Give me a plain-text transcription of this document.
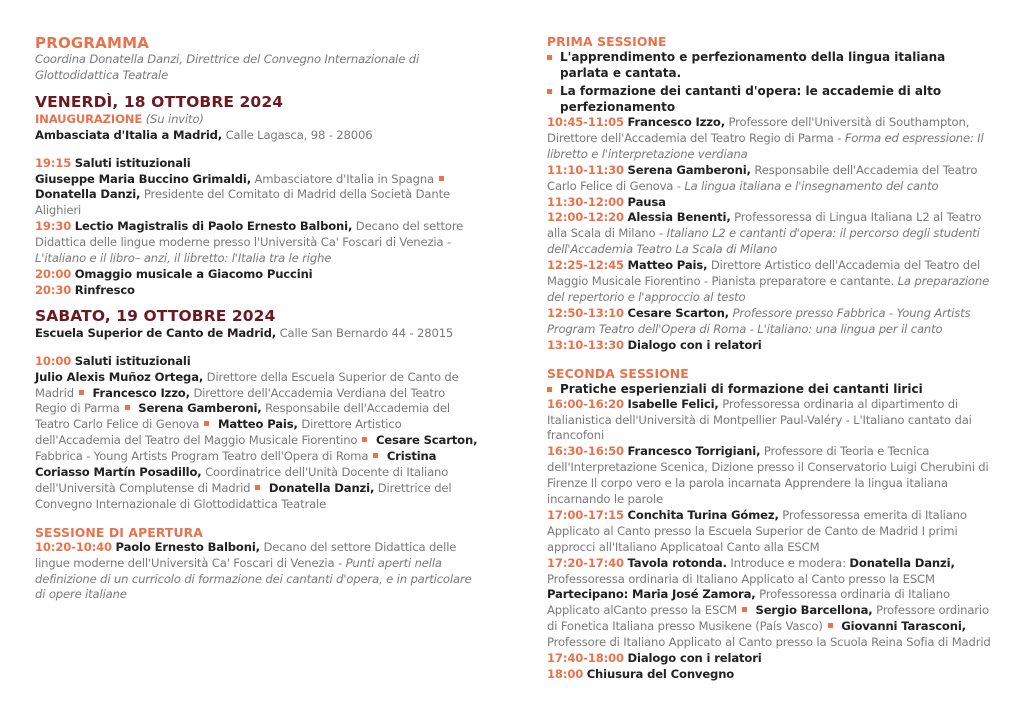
PROGRAMMA

Coordina Donatella Danzi, Direttrice del Convegno Internazionale di Glottodidattica Teatrale

VENERDÌ, 18 OTTOBRE 2024

INAUGURAZIONE (Su invito)

Ambasciata d'Italia a Madrid, Calle Lagasca, 98 - 28006

19:15 Saluti istituzionali

Giuseppe Maria Buccino Grimaldi, Ambasciatore d'Italia in Spagna Donatella Danzi, Presidente del Comitato di Madrid della Società Dante Alighieri

19:30 Lectio Magistralis di Paolo Ernesto Balboni, Decano del settore Didattica delle lingue moderne presso l'Università Ca' Foscari di Venezia - L'italiano e il libro– anzi, il libretto: l'Italia tra le righe

20:00 Omaggio musicale a Giacomo Puccini

20:30 Rinfresco

SABATO, 19 OTTOBRE 2024

Escuela Superior de Canto de Madrid, Calle San Bernardo 44 - 28015

10:00 Saluti istituzionali

Julio Alexis Muñoz Ortega, Direttore della Escuela Superior de Canto de Madrid Francesco Izzo, Direttore dell'Accademia Verdiana del Teatro Regio di Parma Serena Gamberoni, Responsabile dell'Accademia del Teatro Carlo Felice di Genova Matteo Pais, Direttore Artistico dell'Accademia del Teatro del Maggio Musicale Fiorentino Cesare Scarton, Fabbrica - Young Artists Program Teatro dell'Opera di Roma Cristina Coriasso Martín Posadillo, Coordinatrice dell'Unità Docente di Italiano dell'Università Complutense di Madrid Donatella Danzi, Direttrice del Convegno Internazionale di Glottodidattica Teatrale

SESSIONE DI APERTURA

10:20-10:40 Paolo Ernesto Balboni, Decano del settore Didattica delle lingue moderne dell'Università Ca' Foscari di Venezia - Punti aperti nella definizione di un curricolo di formazione dei cantanti d'opera, e in particolare di opere italiane

PRIMA SESSIONE
L'apprendimento e perfezionamento della lingua italiana parlata e cantata.
La formazione dei cantanti d'opera: le accademie di alto perfezionamento

10:45-11:05 Francesco Izzo, Professore dell'Università di Southampton, Direttore dell'Accademia del Teatro Regio di Parma - Forma ed espressione: Il libretto e l'interpretazione verdiana

11:10-11:30 Serena Gamberoni, Responsabile dell'Accademia del Teatro Carlo Felice di Genova - La lingua italiana e l'insegnamento del canto

11:30-12:00 Pausa

12:00-12:20 Alessia Benenti, Professoressa di Lingua Italiana L2 al Teatro alla Scala di Milano - Italiano L2 e cantanti d'opera: il percorso degli studenti dell'Accademia Teatro La Scala di Milano

12:25-12:45 Matteo Pais, Direttore Artistico dell'Accademia del Teatro del Maggio Musicale Fiorentino - Pianista preparatore e cantante. La preparazione del repertorio e l'approccio al testo

12:50-13:10 Cesare Scarton, Professore presso Fabbrica - Young Artists Program Teatro dell'Opera di Roma - L'italiano: una lingua per il canto

13:10-13:30 Dialogo con i relatori

SECONDA SESSIONE
Pratiche esperienziali di formazione dei cantanti lirici

16:00-16:20 Isabelle Felici, Professoressa ordinaria al dipartimento di Italianistica dell'Università di Montpellier Paul-Valéry - L'Italiano cantato dai francofoni

16:30-16:50 Francesco Torrigiani, Professore di Teoria e Tecnica dell'Interpretazione Scenica, Dizione presso il Conservatorio Luigi Cherubini di Firenze Il corpo vero e la parola incarnata Apprendere la lingua italiana incarnando le parole

17:00-17:15 Conchita Turina Gómez, Professoressa emerita di Italiano Applicato al Canto presso la Escuela Superior de Canto de Madrid I primi approcci all'Italiano Applicatoal Canto alla ESCM

17:20-17:40 Tavola rotonda. Introduce e modera: Donatella Danzi, Professoressa ordinaria di Italiano Applicato al Canto presso la ESCM

Partecipano: Maria José Zamora, Professoressa ordinaria di Italiano Applicato alCanto presso la ESCM Sergio Barcellona, Professore ordinario di Fonetica Italiana presso Musikene (País Vasco) Giovanni Tarasconi, Professore di Italiano Applicato al Canto presso la Scuola Reina Sofia di Madrid

17:40-18:00 Dialogo con i relatori

18:00 Chiusura del Convegno
